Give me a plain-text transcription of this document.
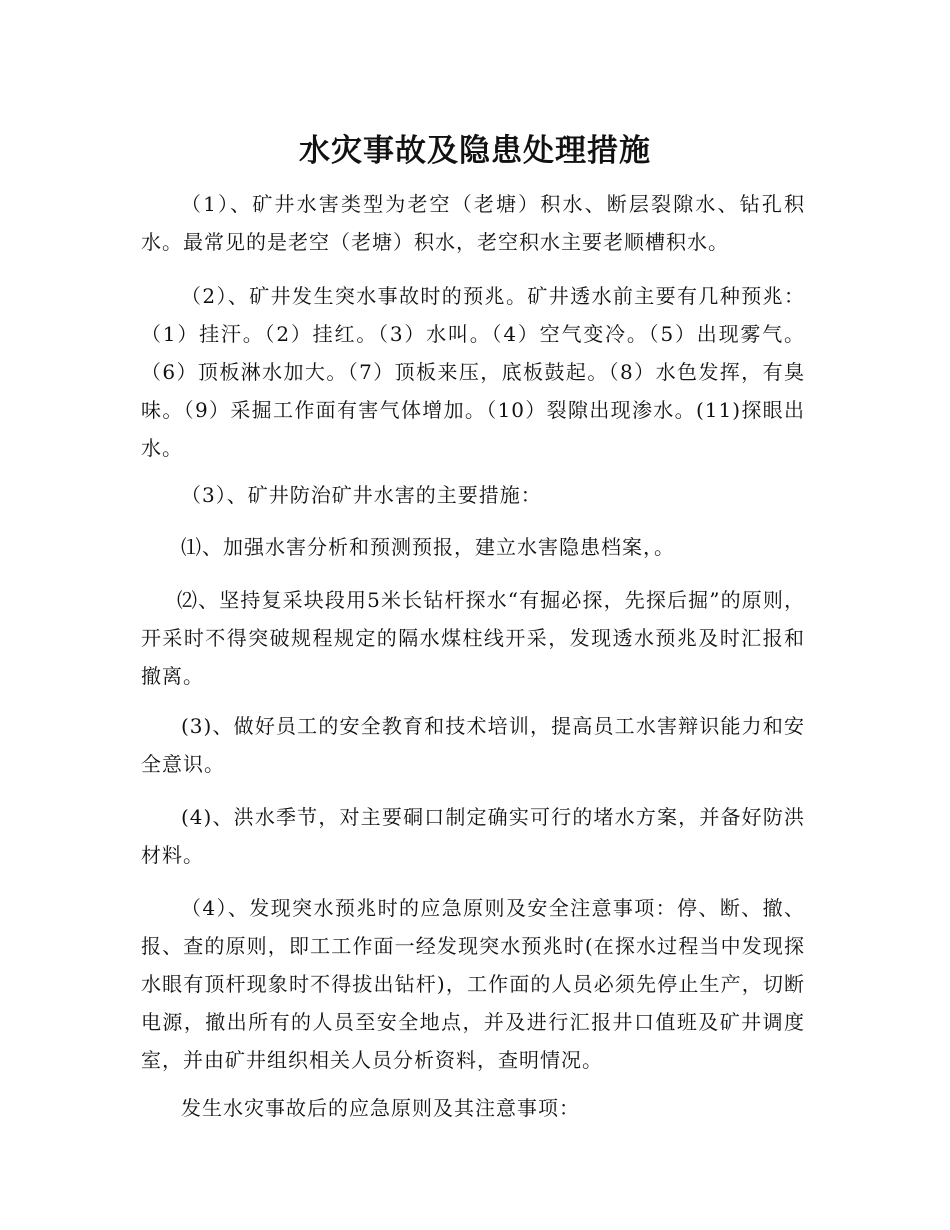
水灾事故及隐患处理措施

（1）、矿井水害类型为老空（老塘）积水、断层裂隙水、钻孔积水。最常见的是老空（老塘）积水，老空积水主要老顺槽积水。

（2）、矿井发生突水事故时的预兆。矿井透水前主要有几种预兆：（1）挂汗。（2）挂红。（3）水叫。（4）空气变冷。（5）出现雾气。（6）顶板淋水加大。（7）顶板来压，底板鼓起。（8）水色发挥，有臭味。（9）采掘工作面有害气体增加。（10）裂隙出现渗水。(11)探眼出水。

（3）、矿井防治矿井水害的主要措施：

⑴、加强水害分析和预测预报，建立水害隐患档案，。

⑵、坚持复采块段用5米长钻杆探水“有掘必探，先探后掘”的原则，开采时不得突破规程规定的隔水煤柱线开采，发现透水预兆及时汇报和撤离。

(3)、做好员工的安全教育和技术培训，提高员工水害辩识能力和安全意识。

(4)、洪水季节，对主要硐口制定确实可行的堵水方案，并备好防洪材料。

（4）、发现突水预兆时的应急原则及安全注意事项：停、断、撤、报、查的原则，即工工作面一经发现突水预兆时(在探水过程当中发现探水眼有顶杆现象时不得拔出钻杆)，工作面的人员必须先停止生产，切断电源，撤出所有的人员至安全地点，并及进行汇报井口值班及矿井调度室，并由矿井组织相关人员分析资料，查明情况。

发生水灾事故后的应急原则及其注意事项：
